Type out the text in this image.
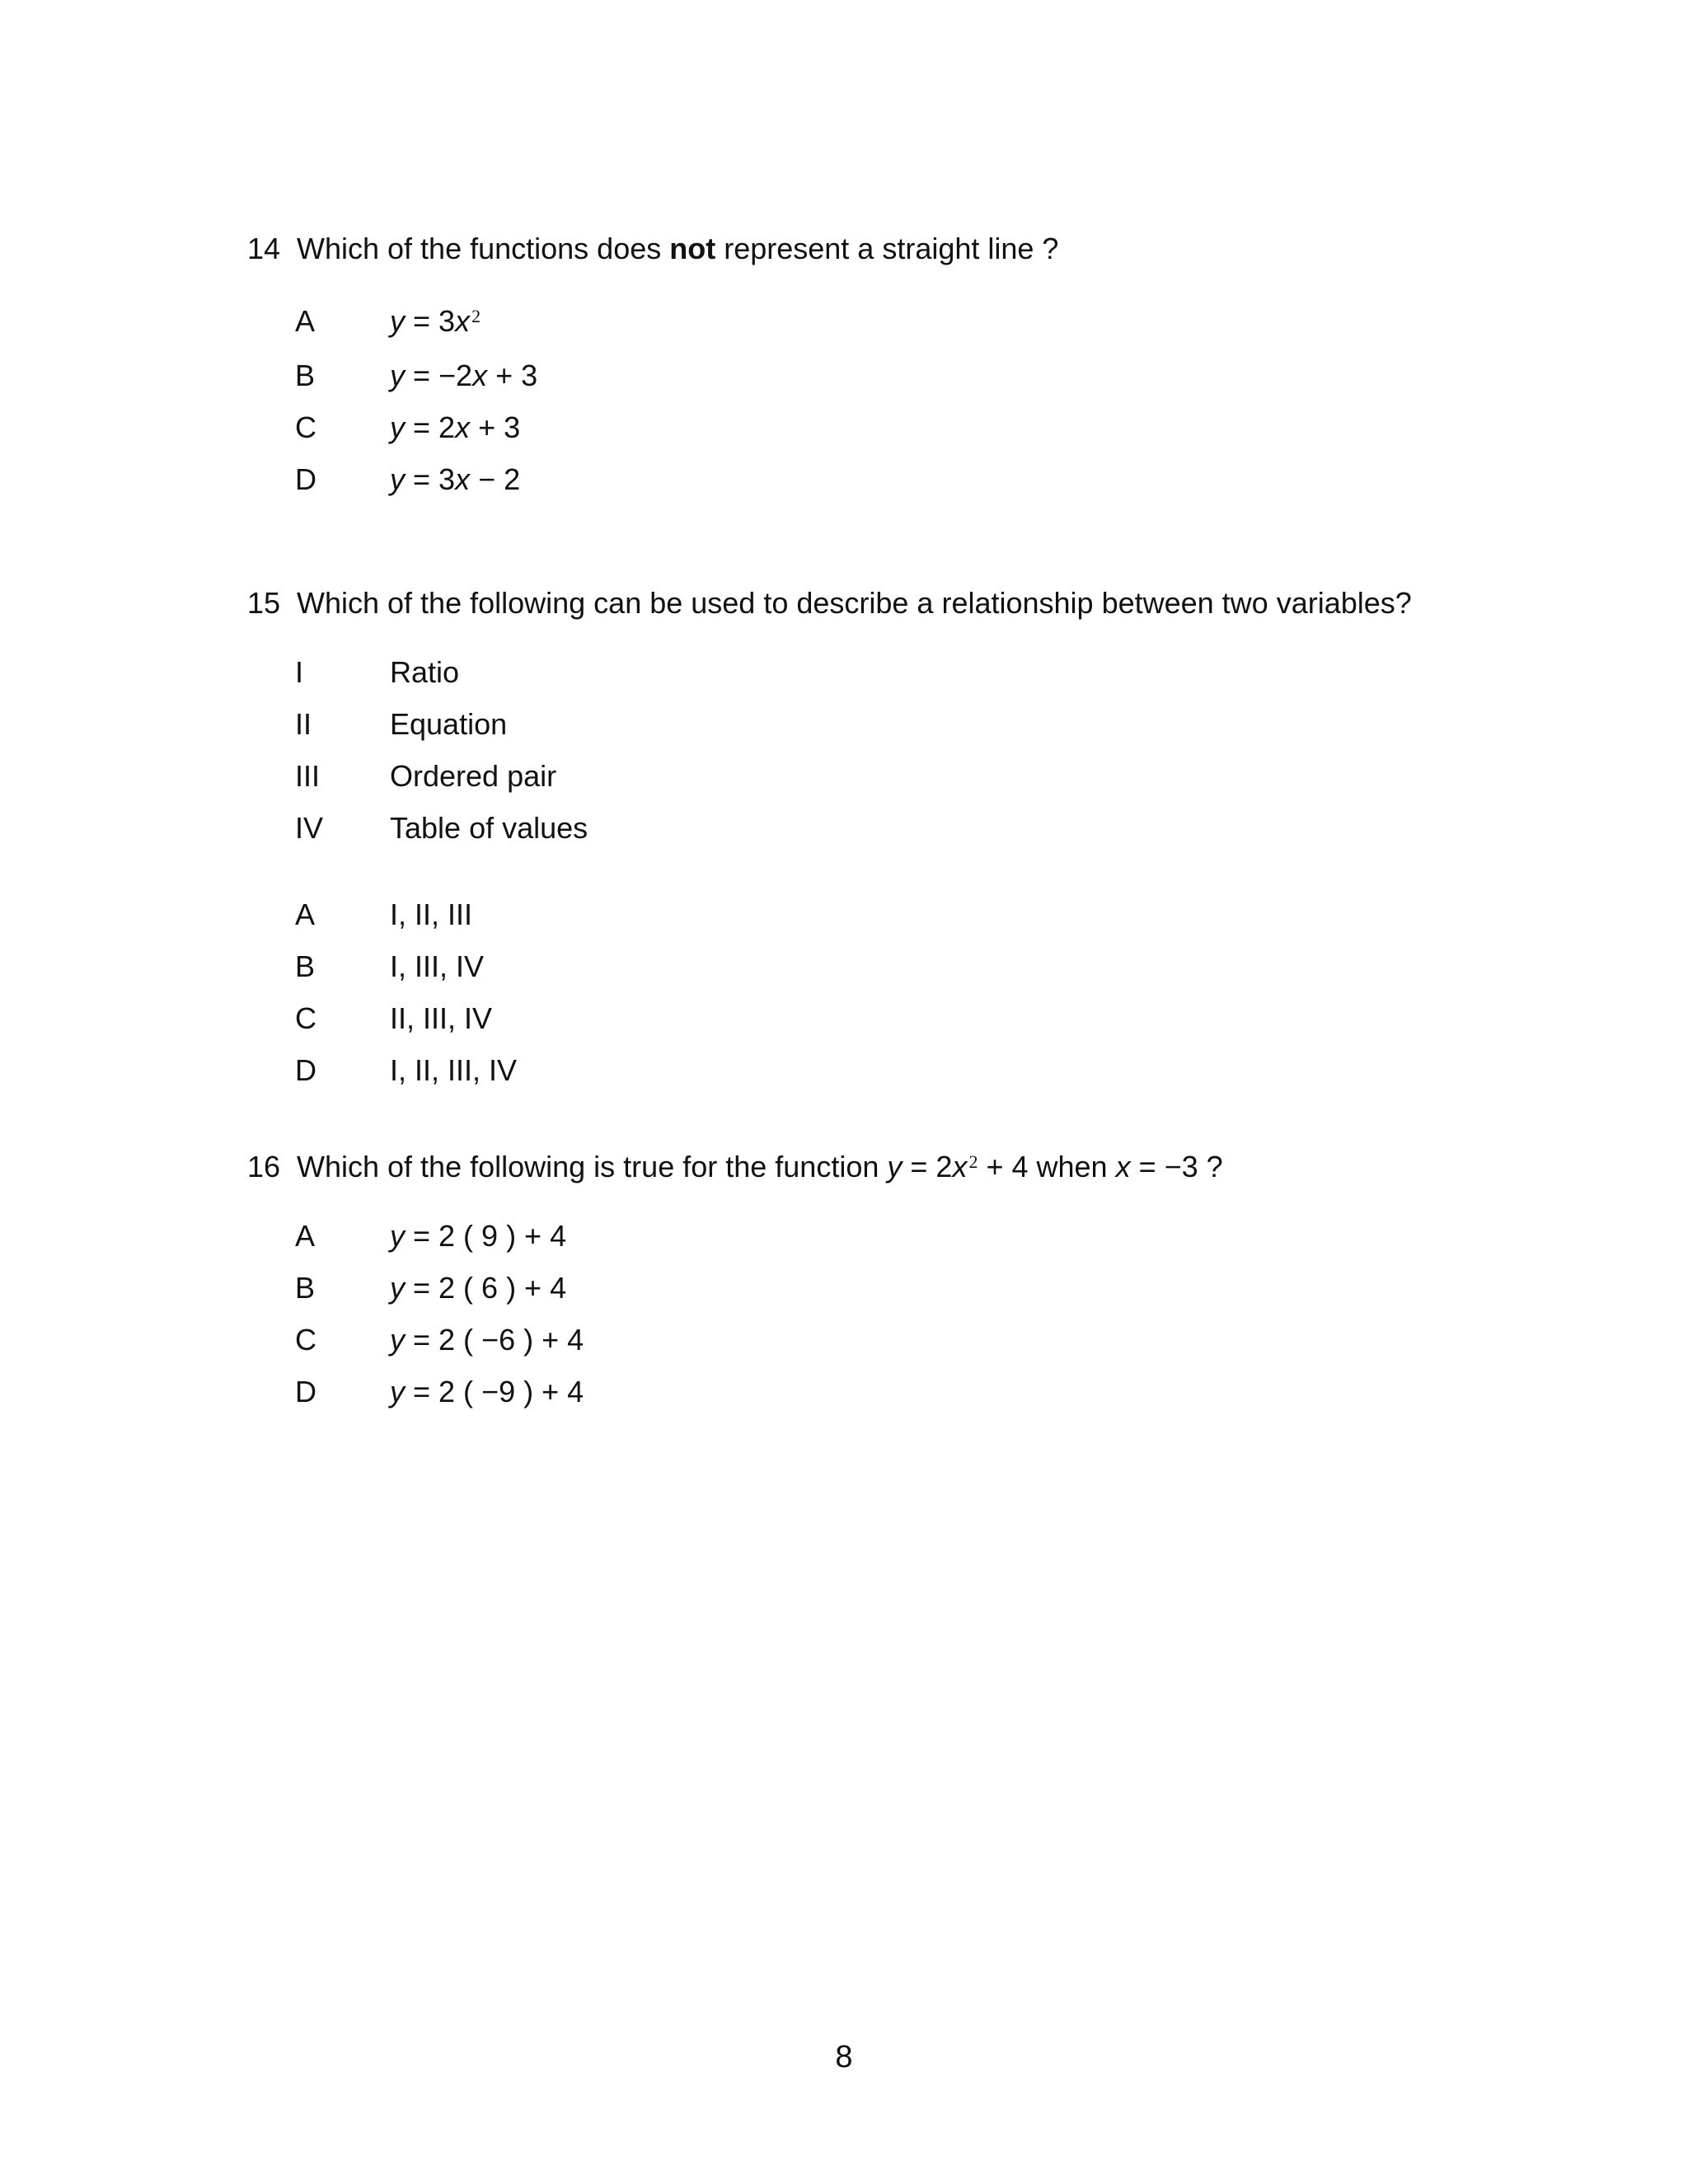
14 Which of the functions does not represent a straight line ?
A	$y = 3x^2$
B	y = −2x + 3
C y = 2x + 3
D y = 3x − 2
15 Which of the following can be used to describe a relationship between two variables?
I	Ratio
II	Equation
III Ordered pair
IV Table of values
A	I, II, III
B	I, III, IV
C II, III, IV
D I, II, III, IV
16 Which of the following is true for the function $y = 2x^2 + 4$ when x = −3 ?
A	y = 2 ( 9 ) + 4
B	y = 2 ( 6 ) + 4
C y = 2 ( −6 ) + 4
D y = 2 ( −9 ) + 4
8
